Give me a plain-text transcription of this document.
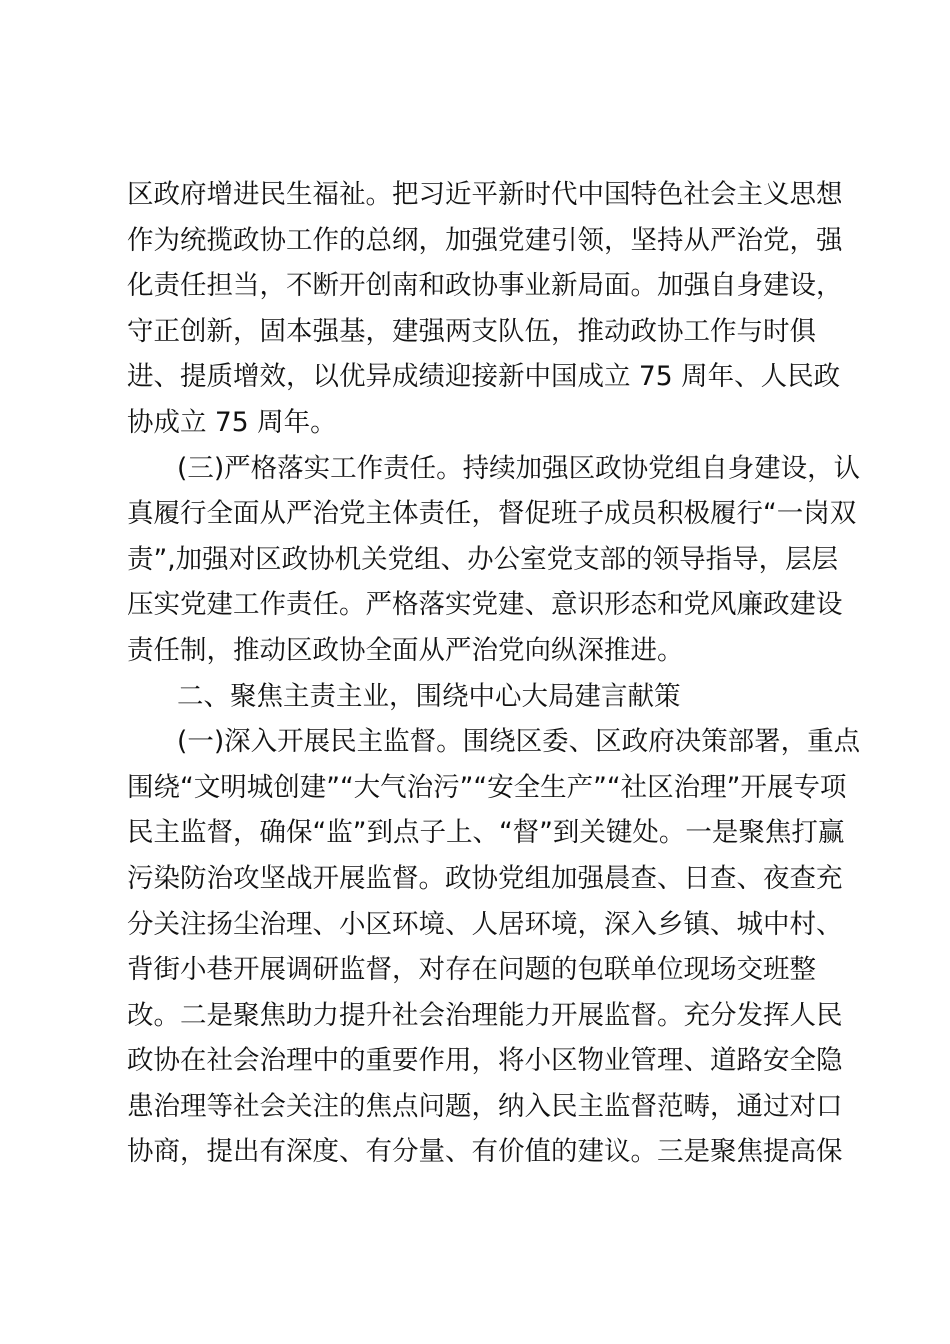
区政府增进民生福祉。把习近平新时代中国特色社会主义思想
作为统揽政协工作的总纲，加强党建引领，坚持从严治党，强
化责任担当，不断开创南和政协事业新局面。加强自身建设，
守正创新，固本强基，建强两支队伍，推动政协工作与时俱
进、提质增效，以优异成绩迎接新中国成立 75 周年、人民政
协成立 75 周年。
(三)严格落实工作责任。持续加强区政协党组自身建设，认
真履行全面从严治党主体责任，督促班子成员积极履行“一岗双
责”,加强对区政协机关党组、办公室党支部的领导指导，层层
压实党建工作责任。严格落实党建、意识形态和党风廉政建设
责任制，推动区政协全面从严治党向纵深推进。
二、聚焦主责主业，围绕中心大局建言献策
(一)深入开展民主监督。围绕区委、区政府决策部署，重点
围绕“文明城创建”“大气治污”“安全生产”“社区治理”开展专项
民主监督，确保“监”到点子上、“督”到关键处。一是聚焦打赢
污染防治攻坚战开展监督。政协党组加强晨查、日查、夜查充
分关注扬尘治理、小区环境、人居环境，深入乡镇、城中村、
背街小巷开展调研监督，对存在问题的包联单位现场交班整
改。二是聚焦助力提升社会治理能力开展监督。充分发挥人民
政协在社会治理中的重要作用，将小区物业管理、道路安全隐
患治理等社会关注的焦点问题，纳入民主监督范畴，通过对口
协商，提出有深度、有分量、有价值的建议。三是聚焦提高保
